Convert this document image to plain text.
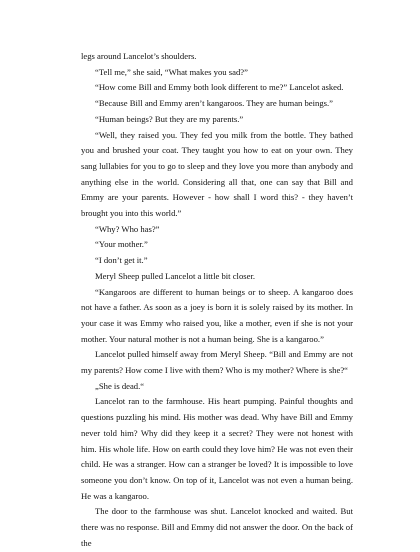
legs around Lancelot’s shoulders.

“Tell me,” she said, “What makes you sad?”

“How come Bill and Emmy both look different to me?” Lancelot asked.

“Because Bill and Emmy aren’t kangaroos. They are human beings.”

“Human beings? But they are my parents.”

“Well, they raised you. They fed you milk from the bottle. They bathed you and brushed your coat. They taught you how to eat on your own. They sang lullabies for you to go to sleep and they love you more than anybody and anything else in the world. Considering all that, one can say that Bill and Emmy are your parents. However - how shall I word this? - they haven’t brought you into this world.”

“Why? Who has?”

“Your mother.”

“I don’t get it.”

Meryl Sheep pulled Lancelot a little bit closer.

“Kangaroos are different to human beings or to sheep. A kangaroo does not have a father. As soon as a joey is born it is solely raised by its mother. In your case it was Emmy who raised you, like a mother, even if she is not your mother. Your natural mother is not a human being. She is a kangaroo.”

Lancelot pulled himself away from Meryl Sheep. “Bill and Emmy are not my parents? How come I live with them? Who is my mother? Where is she?“

„She is dead.“

Lancelot ran to the farmhouse. His heart pumping. Painful thoughts and questions puzzling his mind. His mother was dead. Why have Bill and Emmy never told him? Why did they keep it a secret? They were not honest with him. His whole life. How on earth could they love him? He was not even their child. He was a stranger. How can a stranger be loved? It is impossible to love someone you don’t know. On top of it, Lancelot was not even a human being. He was a kangaroo.

The door to the farmhouse was shut. Lancelot knocked and waited. But there was no response. Bill and Emmy did not answer the door. On the back of the
